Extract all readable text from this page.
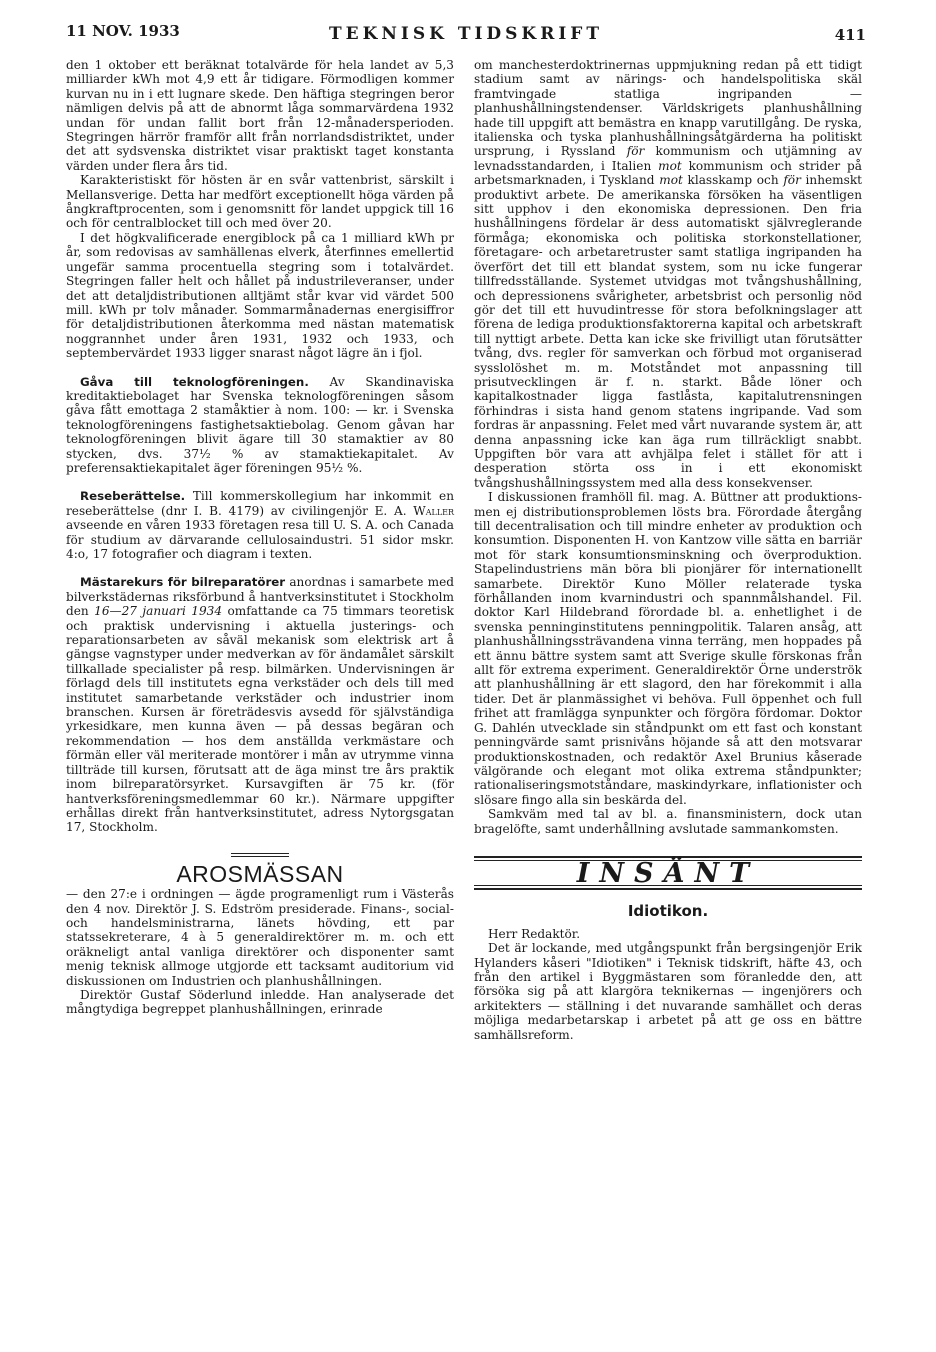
11 NOV. 1933	TEKNISK TIDSKRIFT	411

den 1 oktober ett beräknat totalvärde för hela landet av 5,3 milliarder kWh mot 4,9 ett år tidigare. Förmodligen kommer kurvan nu in i ett lugnare skede. Den häftiga stegringen beror nämligen delvis på att de abnormt låga sommarvärdena 1932 undan för undan fallit bort från 12-månadersperioden. Stegringen härrör framför allt från norrlandsdistriktet, under det att sydsvenska distriktet visar praktiskt taget konstanta värden under flera års tid.

Karakteristiskt för hösten är en svår vattenbrist, särskilt i Mellansverige. Detta har medfört exceptionellt höga värden på ångkraftprocenten, som i genomsnitt för landet uppgick till 16 och för centralblocket till och med över 20.

I det högkvalificerade energiblock på ca 1 milliard kWh pr år, som redovisas av samhällenas elverk, återfinnes emellertid ungefär samma procentuella stegring som i totalvärdet. Stegringen faller helt och hållet på industrileveranser, under det att detaljdistributionen alltjämt står kvar vid värdet 500 mill. kWh pr tolv månader. Sommarmånadernas energisiffror för detaljdistributionen återkomma med nästan matematisk noggrannhet under åren 1931, 1932 och 1933, och septembervärdet 1933 ligger snarast något lägre än i fjol.

Gåva till teknologföreningen. Av Skandinaviska kreditaktiebolaget har Svenska teknologföreningen såsom gåva fått emottaga 2 stamåktier à nom. 100: — kr. i Svenska teknologföreningens fastighetsaktiebolag. Genom gåvan har teknologföreningen blivit ägare till 30 stamaktier av 80 stycken, dvs. 37½ % av stamaktiekapitalet. Av preferensaktiekapitalet äger föreningen 95½ %.

Reseberättelse. Till kommerskollegium har inkommit en reseberättelse (dnr I. B. 4179) av civilingenjör E. A. Waller avseende en våren 1933 företagen resa till U. S. A. och Canada för studium av därvarande cellulosaindustri. 51 sidor mskr. 4:o, 17 fotografier och diagram i texten.

Mästarekurs för bilreparatörer anordnas i samarbete med bilverkstädernas riksförbund å hantverksinstitutet i Stockholm den 16—27 januari 1934 omfattande ca 75 timmars teoretisk och praktisk undervisning i aktuella justerings- och reparationsarbeten av såväl mekanisk som elektrisk art å gängse vagnstyper under medverkan av för ändamålet särskilt tillkallade specialister på resp. bilmärken. Undervisningen är förlagd dels till institutets egna verkstäder och dels till med institutet samarbetande verkstäder och industrier inom branschen. Kursen är företrädesvis avsedd för självständiga yrkesidkare, men kunna även — på dessas begäran och rekommendation — hos dem anställda verkmästare och förmän eller väl meriterade montörer i mån av utrymme vinna tillträde till kursen, förutsatt att de äga minst tre års praktik inom bilreparatörsyrket. Kursavgiften är 75 kr. (för hantverksföreningsmedlemmar 60 kr.). Närmare uppgifter erhållas direkt från hantverksinstitutet, adress Nytorgsgatan 17, Stockholm.

AROSMÄSSAN

— den 27:e i ordningen — ägde programenligt rum i Västerås den 4 nov. Direktör J. S. Edström presiderade. Finans-, social- och handelsministrarna, länets hövding, ett par statssekreterare, 4 à 5 generaldirektörer m. m. och ett oräkneligt antal vanliga direktörer och disponenter samt menig teknisk allmoge utgjorde ett tacksamt auditorium vid diskussionen om Industrien och planhushållningen.

Direktör Gustaf Söderlund inledde. Han analyserade det mångtydiga begreppet planhushållningen, erinrade

om manchesterdoktrinernas uppmjukning redan på ett tidigt stadium samt av närings- och handelspolitiska skäl framtvingade statliga ingripanden — planhushållningstendenser. Världskrigets planhushållning hade till uppgift att bemästra en knapp varutillgång. De ryska, italienska och tyska planhushållningsåtgärderna ha politiskt ursprung, i Ryssland för kommunism och utjämning av levnadsstandarden, i Italien mot kommunism och strider på arbetsmarknaden, i Tyskland mot klasskamp och för inhemskt produktivt arbete. De amerikanska försöken ha väsentligen sitt upphov i den ekonomiska depressionen. Den fria hushållningens fördelar är dess automatiskt självreglerande förmåga; ekonomiska och politiska storkonstellationer, företagare- och arbetaretruster samt statliga ingripanden ha överfört det till ett blandat system, som nu icke fungerar tillfredsställande. Systemet utvidgas mot tvångshushållning, och depressionens svårigheter, arbetsbrist och personlig nöd gör det till ett huvudintresse för stora befolkningslager att förena de lediga produktionsfaktorerna kapital och arbetskraft till nyttigt arbete. Detta kan icke ske frivilligt utan förutsätter tvång, dvs. regler för samverkan och förbud mot organiserad sysslolöshet m. m. Motståndet mot anpassning till prisutvecklingen är f. n. starkt. Både löner och kapitalkostnader ligga fastlåsta, kapitalutrensningen förhindras i sista hand genom statens ingripande. Vad som fordras är anpassning. Felet med vårt nuvarande system är, att denna anpassning icke kan äga rum tillräckligt snabbt. Uppgiften bör vara att avhjälpa felet i stället för att i desperation störta oss in i ett ekonomiskt tvångshushållningssystem med alla dess konsekvenser.

I diskussionen framhöll fil. mag. A. Büttner att produktions- men ej distributionsproblemen lösts bra. Förordade återgång till decentralisation och till mindre enheter av produktion och konsumtion. Disponenten H. von Kantzow ville sätta en barriär mot för stark konsumtionsminskning och överproduktion. Stapelindustriens män böra bli pionjärer för internationellt samarbete. Direktör Kuno Möller relaterade tyska förhållanden inom kvarnindustri och spannmålshandel. Fil. doktor Karl Hildebrand förordade bl. a. enhetlighet i de svenska penninginstitutens penningpolitik. Talaren ansåg, att planhushållningssträvandena vinna terräng, men hoppades på ett ännu bättre system samt att Sverige skulle förskonas från allt för extrema experiment. Generaldirektör Örne underströk att planhushållning är ett slagord, den har förekommit i alla tider. Det är planmässighet vi behöva. Full öppenhet och full frihet att framlägga synpunkter och förgöra fördomar. Doktor G. Dahlén utvecklade sin ståndpunkt om ett fast och konstant penningvärde samt prisnivåns höjande så att den motsvarar produktionskostnaden, och redaktör Axel Brunius kåserade välgörande och elegant mot olika extrema ståndpunkter; rationaliseringsmotståndare, maskindyrkare, inflationister och slösare fingo alla sin beskärda del.

Samkväm med tal av bl. a. finansministern, dock utan bragelöfte, samt underhållning avslutade sammankomsten.

INSÄNT
Idiotikon.

Herr Redaktör.

Det är lockande, med utgångspunkt från bergsingenjör Erik Hylanders kåseri "Idiotiken" i Teknisk tidskrift, häfte 43, och från den artikel i Byggmästaren som föranledde den, att försöka sig på att klargöra teknikernas — ingenjörers och arkitekters — ställning i det nuvarande samhället och deras möjliga medarbetarskap i arbetet på att ge oss en bättre samhällsreform.
